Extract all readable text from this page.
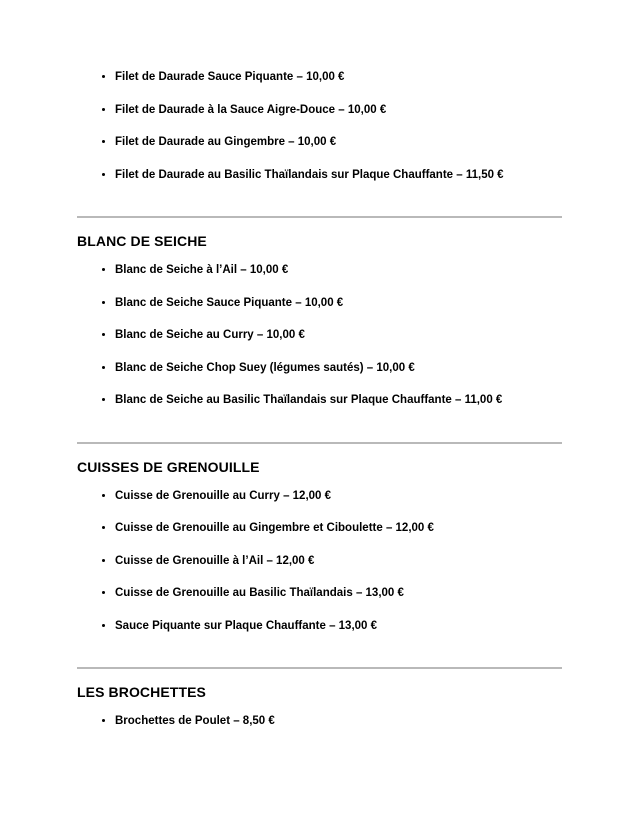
• Filet de Daurade Sauce Piquante – 10,00 €
• Filet de Daurade à la Sauce Aigre-Douce – 10,00 €
• Filet de Daurade au Gingembre – 10,00 €
• Filet de Daurade au Basilic Thaïlandais sur Plaque Chauffante – 11,50 €
BLANC DE SEICHE
• Blanc de Seiche à l’Ail – 10,00 €
• Blanc de Seiche Sauce Piquante – 10,00 €
• Blanc de Seiche au Curry – 10,00 €
• Blanc de Seiche Chop Suey (légumes sautés) – 10,00 €
• Blanc de Seiche au Basilic Thaïlandais sur Plaque Chauffante – 11,00 €
CUISSES DE GRENOUILLE
• Cuisse de Grenouille au Curry – 12,00 €
• Cuisse de Grenouille au Gingembre et Ciboulette – 12,00 €
• Cuisse de Grenouille à l’Ail – 12,00 €
• Cuisse de Grenouille au Basilic Thaïlandais – 13,00 €
• Sauce Piquante sur Plaque Chauffante – 13,00 €
LES BROCHETTES
• Brochettes de Poulet – 8,50 €
